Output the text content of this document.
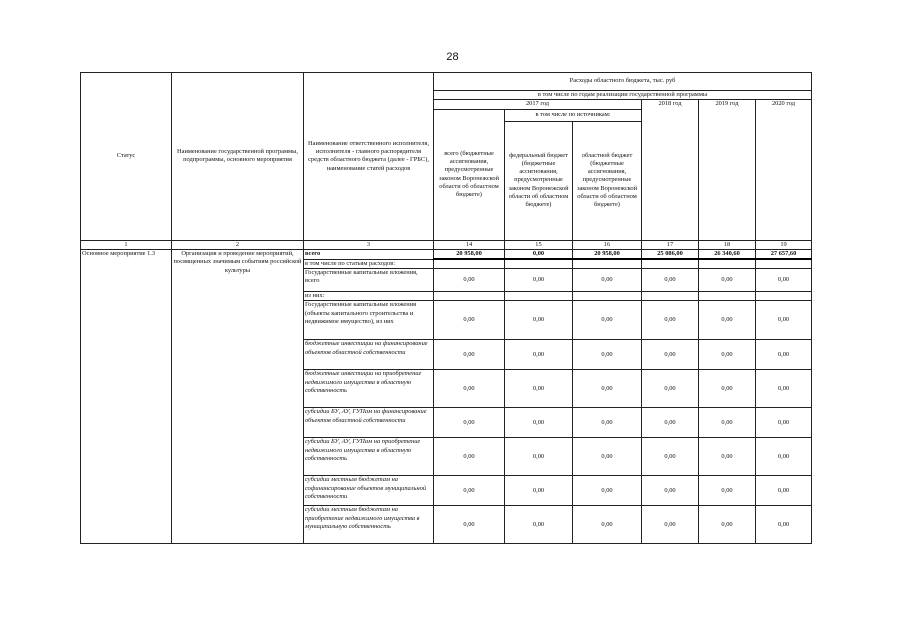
28
Статус	Наименование государственной программы, подпрограммы, основного мероприятия	Наименование ответственного исполнителя, исполнителя - главного распорядителя средств областного бюджета (далее - ГРБС), наименование статей расходов	Расходы областного бюджета, тыс. руб					
			в том числе по годам реализации государственной программы					
			2017 год			2018 год	2019 год	2020 год
			всего (бюджетные ассигнования, предусмотренные законом Воронежской области об областном бюджете)	в том числе по источникам:				
				федеральный бюджет (бюджетные ассигнования, предусмотренные законом Воронежской области об областном бюджете)	областной бюджет (бюджетные ассигнования, предусмотренные законом Воронежской области об областном бюджете)			
1	2	3	14	15	16	17	18	19
Основное мероприятие 1.3	Организация и проведение мероприятий, посвященных значимым событиям российской культуры	всего	20 958,00	0,00	20 958,00	25 086,00	26 340,60	27 657,60
		в том числе по статьям расходов:						
		Государственные капитальные вложения, всего	0,00	0,00	0,00	0,00	0,00	0,00
		из них:						
		Государственные капитальные вложения (объекты капитального строительства и недвижимое имущество), из них	0,00	0,00	0,00	0,00	0,00	0,00
		бюджетные инвестиции на финансирование объектов областной собственности	0,00	0,00	0,00	0,00	0,00	0,00
		бюджетные инвестиции на приобретение недвижимого имущества в областную собственность	0,00	0,00	0,00	0,00	0,00	0,00
		субсидии БУ, АУ, ГУПам на финансирование объектов областной собственности	0,00	0,00	0,00	0,00	0,00	0,00
		субсидии БУ, АУ, ГУПам на приобретение недвижимого имущества в областную собственность	0,00	0,00	0,00	0,00	0,00	0,00
		субсидии местным бюджетам на софинансирование объектов муниципальной собственности	0,00	0,00	0,00	0,00	0,00	0,00
		субсидии местным бюджетам на приобретение недвижимого имущества в муниципальную собственность	0,00	0,00	0,00	0,00	0,00	0,00
